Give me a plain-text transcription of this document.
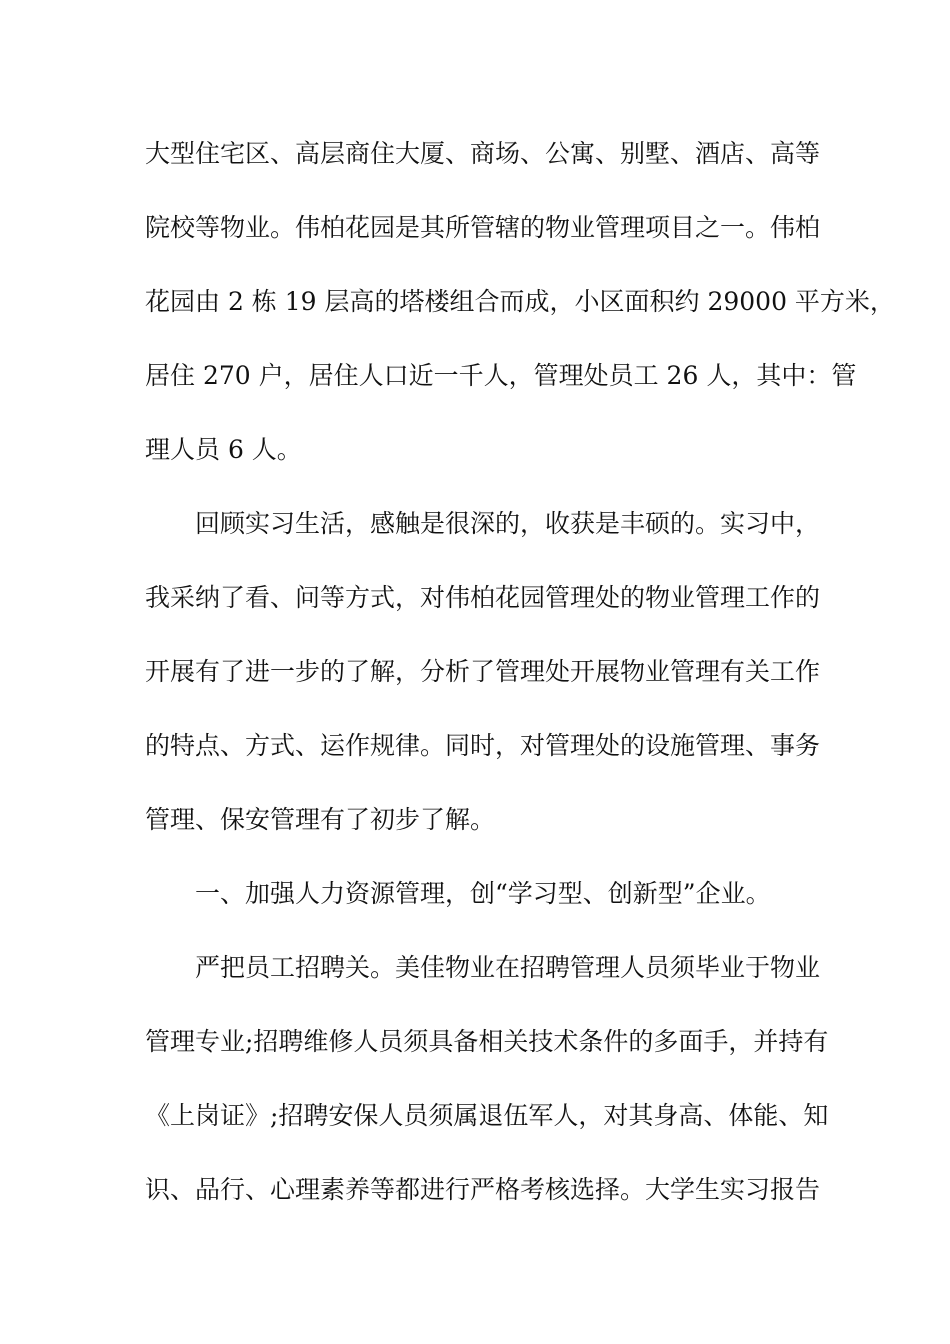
大型住宅区、高层商住大厦、商场、公寓、别墅、酒店、高等
院校等物业。伟柏花园是其所管辖的物业管理项目之一。伟柏
花园由 2 栋 19 层高的塔楼组合而成，小区面积约 29000 平方米，
居住 270 户，居住人口近一千人，管理处员工 26 人，其中：管
理人员 6 人。
回顾实习生活，感触是很深的，收获是丰硕的。实习中，
我采纳了看、问等方式，对伟柏花园管理处的物业管理工作的
开展有了进一步的了解，分析了管理处开展物业管理有关工作
的特点、方式、运作规律。同时，对管理处的设施管理、事务
管理、保安管理有了初步了解。
一、加强人力资源管理，创“学习型、创新型”企业。
严把员工招聘关。美佳物业在招聘管理人员须毕业于物业
管理专业;招聘维修人员须具备相关技术条件的多面手，并持有
《上岗证》;招聘安保人员须属退伍军人，对其身高、体能、知
识、品行、心理素养等都进行严格考核选择。大学生实习报告
